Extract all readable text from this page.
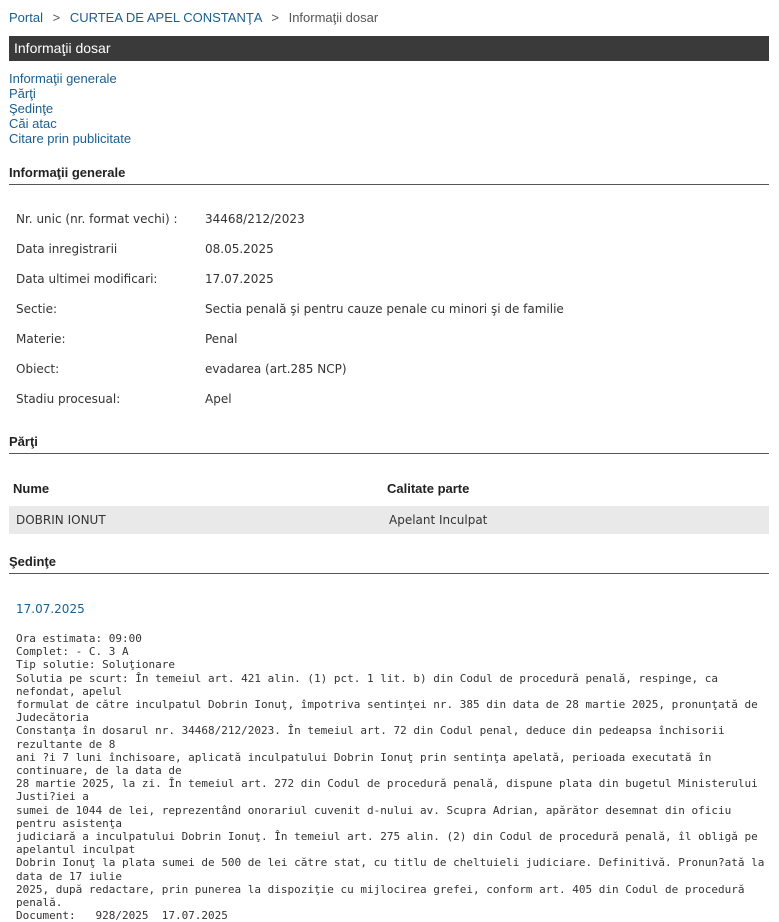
Portal > CURTEA DE APEL CONSTANŢA > Informaţii dosar
Informaţii dosar
Informaţii generale
Părţi
Şedinţe
Căi atac
Citare prin publicitate
Informaţii generale
Nr. unic (nr. format vechi) :	34468/212/2023
Data inregistrarii	08.05.2025
Data ultimei modificari:	17.07.2025
Sectie:	Sectia penală şi pentru cauze penale cu minori şi de familie
Materie:	Penal
Obiect:	evadarea (art.285 NCP)
Stadiu procesual:	Apel
Părţi
Nume	Calitate parte
DOBRIN IONUT	Apelant Inculpat
Şedinţe
17.07.2025

Ora estimata: 09:00

Complet: - C. 3 A

Tip solutie: Soluţionare

Solutia pe scurt: În temeiul art. 421 alin. (1) pct. 1 lit. b) din Codul de procedură penală, respinge, ca nefondat, apelul

formulat de către inculpatul Dobrin Ionuţ, împotriva sentinţei nr. 385 din data de 28 martie 2025, pronunţată de Judecătoria

Constanţa în dosarul nr. 34468/212/2023. În temeiul art. 72 din Codul penal, deduce din pedeapsa închisorii rezultante de 8

ani ?i 7 luni închisoare, aplicată inculpatului Dobrin Ionuţ prin sentinţa apelată, perioada executată în continuare, de la data de

28 martie 2025, la zi. În temeiul art. 272 din Codul de procedură penală, dispune plata din bugetul Ministerului Justi?iei a

sumei de 1044 de lei, reprezentând onorariul cuvenit d-nului av. Scupra Adrian, apărător desemnat din oficiu pentru asistenţa

judiciară a inculpatului Dobrin Ionuţ. În temeiul art. 275 alin. (2) din Codul de procedură penală, îl obligă pe apelantul inculpat

Dobrin Ionuţ la plata sumei de 500 de lei către stat, cu titlu de cheltuieli judiciare. Definitivă. Pronun?ată la data de 17 iulie

2025, după redactare, prin punerea la dispoziţie cu mijlocirea grefei, conform art. 405 din Codul de procedură penală.

Document:   928/2025  17.07.2025
